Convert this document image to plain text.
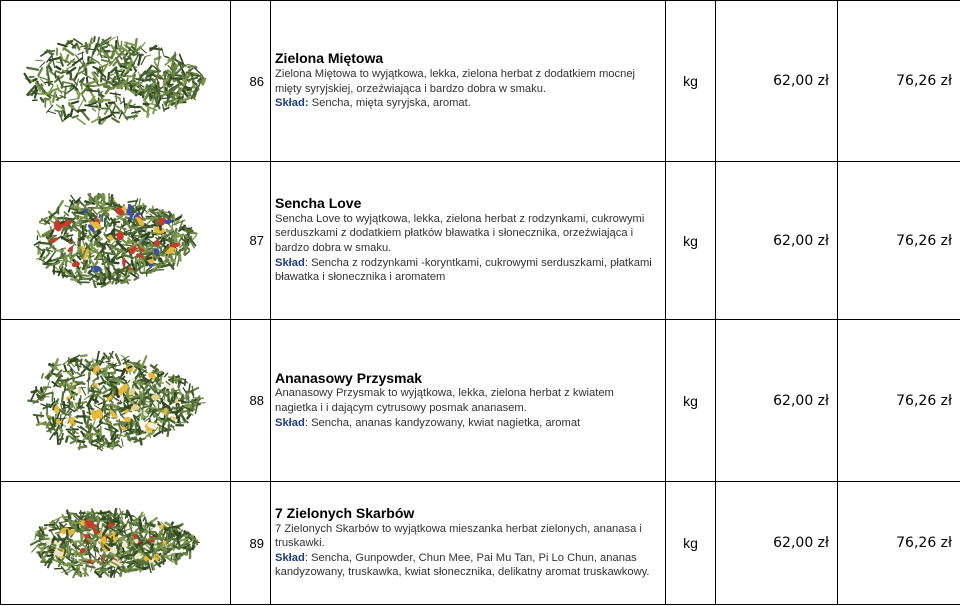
	86	Zielona Miętowa
Zielona Miętowa to wyjątkowa, lekka, zielona herbat z dodatkiem mocnej mięty syryjskiej, orzeźwiająca i bardzo dobra w smaku.
Skład: Sencha, mięta syryjska, aromat.	kg	62,00 zł	76,26 zł

	87	Sencha Love
Sencha Love to wyjątkowa, lekka, zielona herbat z rodzynkami, cukrowymi serduszkami z dodatkiem płatków bławatka i słonecznika, orzeźwiająca i bardzo dobra w smaku.
Skład: Sencha z rodzynkami -koryntkami, cukrowymi serduszkami, płatkami bławatka i słonecznika i aromatem	kg	62,00 zł	76,26 zł

	88	Ananasowy Przysmak
Ananasowy Przysmak to wyjątkowa, lekka, zielona herbat z kwiatem nagietka i i dającym cytrusowy posmak ananasem.
Skład: Sencha, ananas kandyzowany, kwiat nagietka, aromat	kg	62,00 zł	76,26 zł

	89	7 Zielonych Skarbów
7 Zielonych Skarbów to wyjątkowa mieszanka herbat zielonych, ananasa i truskawki.
Skład: Sencha, Gunpowder, Chun Mee, Pai Mu Tan, Pi Lo Chun, ananas kandyzowany, truskawka, kwiat słonecznika, delikatny aromat truskawkowy.	kg	62,00 zł	76,26 zł
